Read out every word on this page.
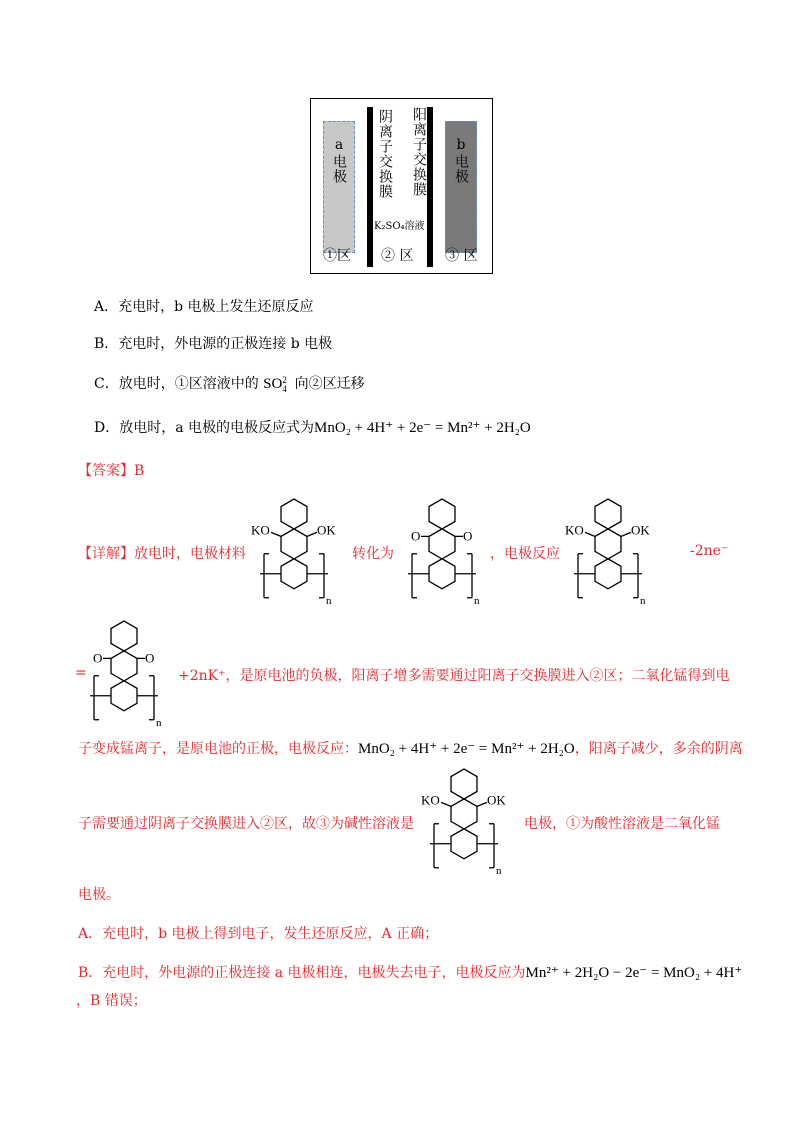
a电极 阴离子交换膜 阳离子交换膜
K₂SO₄溶液
b电极
①区 ② 区 ③ 区
A．充电时，b 电极上发生还原反应
B．充电时，外电源的正极连接 b 电极
C．放电时，①区溶液中的 SO 2
4 向②区迁移
D．放电时，a 电极的电极反应式为MnO₂ + 4H⁺ + 2e⁻ = Mn²⁺ + 2H₂O
【答案】B
【详解】放电时，电极材料	转化为	，电极反应	-2ne⁻
KO	OK
n
O	O
n
KO	OK
n
=
O	O
n
+2nK⁺，是原电池的负极，阳离子增多需要通过阳离子交换膜进入②区；二氧化锰得到电
子变成锰离子，是原电池的正极，电极反应：MnO₂ + 4H⁺ + 2e⁻ = Mn²⁺ + 2H₂O，阳离子减少，多余的阴离
子需要通过阴离子交换膜进入②区，故③为碱性溶液是
KO	OK
n
电极，①为酸性溶液是二氧化锰
电极。
A．充电时，b 电极上得到电子，发生还原反应，A 正确；
B．充电时，外电源的正极连接 a 电极相连，电极失去电子，电极反应为Mn²⁺ + 2H₂O − 2e⁻ = MnO₂ + 4H⁺
，B 错误；
